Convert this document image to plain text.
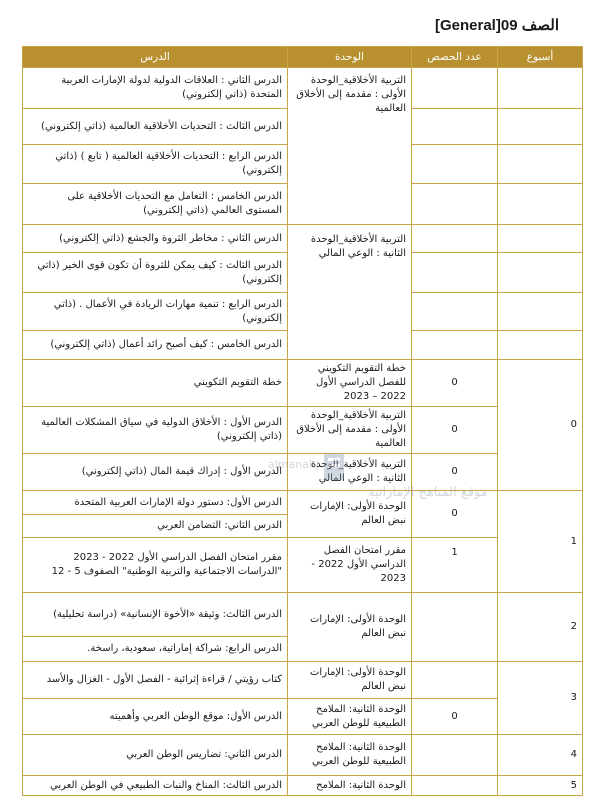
الصف 09[General]
أسبوع	عدد الحصص	الوحدة	الدرس
		التربية الأخلاقية_الوحدة الأولى : مقدمة إلى الأخلاق العالمية	الدرس الثاني : العلاقات الدولية لدولة الإمارات العربية المتحدة (ذاتي إلكتروني)
			الدرس الثالث : التحديات الأخلاقية العالمية (ذاتي إلكتروني)
			الدرس الرابع : التحديات الأخلاقية العالمية ( تابع ) (ذاتي إلكتروني)
			الدرس الخامس : التعامل مع التحديات الأخلاقية على المستوى العالمي (ذاتي إلكتروني)
		التربية الأخلاقية_الوحدة الثانية : الوعي المالي	الدرس الثاني : مخاطر الثروة والجشع (ذاتي إلكتروني)
			الدرس الثالث : كيف يمكن للثروة أن تكون قوى الخير (ذاتي إلكتروني)
			الدرس الرابع : تنمية مهارات الريادة في الأعمال . (ذاتي إلكتروني)
			الدرس الخامس : كيف أصبح رائد أعمال (ذاتي إلكتروني)
0	0	خطة التقويم التكويني للفصل الدراسي الأول 2022 – 2023	خطة التقويم التكويني
	0	التربية الأخلاقية_الوحدة الأولى : مقدمة إلى الأخلاق العالمية	الدرس الأول : الأخلاق الدولية في سياق المشكلات العالمية (ذاتي إلكتروني)
	0	التربية الأخلاقية_الوحدة الثانية : الوعي المالي	الدرس الأول : إدراك قيمة المال (ذاتي إلكتروني)
1	0	الوحدة الأولى: الإمارات نبض العالم	الدرس الأول: دستور دولة الإمارات العربية المتحدة
			الدرس الثاني: التضامن العربي
	1	مقرر امتحان الفصل الدراسي الأول 2022 - 2023	مقرر امتحان الفصل الدراسي الأول 2022 - 2023 "الدراسات الاجتماعية والتربية الوطنية" الصفوف 5 - 12
2		الوحدة الأولى: الإمارات نبض العالم	الدرس الثالث: وثيقة «الأخوة الإنسانية» (دراسة تحليلية)
			الدرس الرابع: شراكة إماراتية، سعودية، راسخة.
3		الوحدة الأولى: الإمارات نبض العالم	كتاب رؤيتي / قراءة إثرائية - الفصل الأول - الغزال والأسد
	0	الوحدة الثانية: الملامح الطبيعية للوطن العربي	الدرس الأول: موقع الوطن العربي وأهميته
4		الوحدة الثانية: الملامح الطبيعية للوطن العربي	الدرس الثاني: تضاريس الوطن العربي
5		الوحدة الثانية: الملامح	الدرس الثالث: المناخ والنبات الطبيعي في الوطن العربي
almanahj
موقع المناهج الإماراتية
